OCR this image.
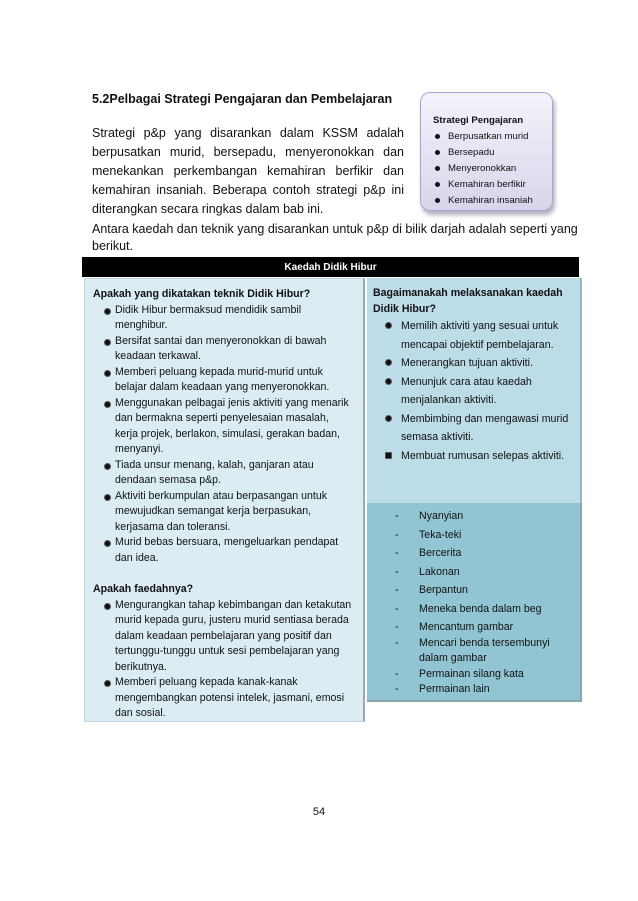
5.2Pelbagai Strategi Pengajaran dan Pembelajaran
Strategi p&p yang disarankan dalam KSSM adalah berpusatkan murid, bersepadu, menyeronokkan dan menekankan perkembangan kemahiran berfikir dan kemahiran insaniah. Beberapa contoh strategi p&p ini diterangkan secara ringkas dalam bab ini.
Strategi Pengajaran
Berpusatkan murid
Bersepadu
Menyeronokkan
Kemahiran berfikir
Kemahiran insaniah
Antara kaedah dan teknik yang disarankan untuk p&p di bilik darjah adalah seperti yang berikut.
Kaedah Didik Hibur
Apakah yang dikatakan teknik Didik Hibur?
Didik Hibur bermaksud mendidik sambil menghibur.
Bersifat santai dan menyeronokkan di bawah keadaan terkawal.
Memberi peluang kepada murid-murid untuk belajar dalam keadaan yang menyeronokkan.
Menggunakan pelbagai jenis aktiviti yang menarik dan bermakna seperti penyelesaian masalah, kerja projek, berlakon, simulasi, gerakan badan, menyanyi.
Tiada unsur menang, kalah, ganjaran atau dendaan semasa p&p.
Aktiviti berkumpulan atau berpasangan untuk mewujudkan semangat kerja berpasukan, kerjasama dan toleransi.
Murid bebas bersuara, mengeluarkan pendapat dan idea.
Apakah faedahnya?
Mengurangkan tahap kebimbangan dan ketakutan murid kepada guru, justeru murid sentiasa berada dalam keadaan pembelajaran yang positif dan tertunggu-tunggu untuk sesi pembelajaran yang berikutnya.
Memberi peluang kepada kanak-kanak mengembangkan potensi intelek, jasmani, emosi dan sosial.
Bagaimanakah melaksanakan kaedah Didik Hibur?
Memilih aktiviti yang sesuai untuk mencapai objektif pembelajaran.
Menerangkan tujuan aktiviti.
Menunjuk cara atau kaedah menjalankan aktiviti.
Membimbing dan mengawasi murid semasa aktiviti.
Membuat rumusan selepas aktiviti.
- Nyanyian
- Teka-teki
- Bercerita
- Lakonan
- Berpantun
- Meneka benda dalam beg
- Mencantum gambar
- Mencari benda tersembunyi dalam gambar
- Permainan silang kata
- Permainan lain
54
